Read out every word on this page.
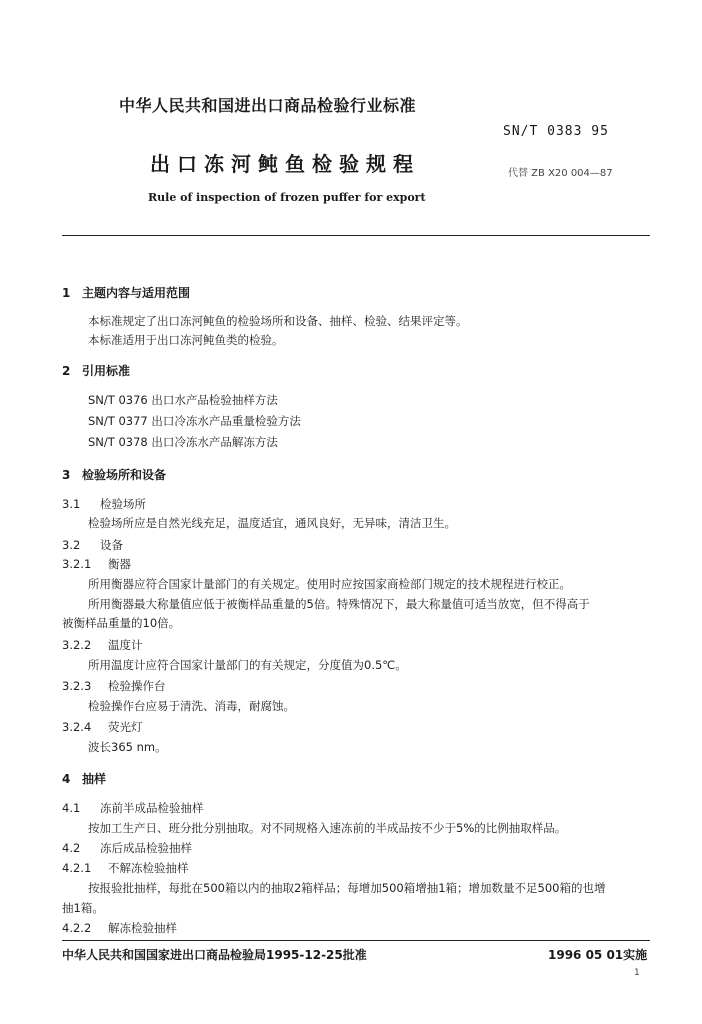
中华人民共和国进出口商品检验行业标准
SN/T 0383 95
出口冻河鲀鱼检验规程	代替 ZB X20 004—87
Rule of inspection of frozen puffer for export
1 主题内容与适用范围
本标准规定了出口冻河鲀鱼的检验场所和设备、抽样、检验、结果评定等。
本标准适用于出口冻河鲀鱼类的检验。
2 引用标准
SN/T 0376 出口水产品检验抽样方法
SN/T 0377 出口冷冻水产品重量检验方法
SN/T 0378 出口冷冻水产品解冻方法
3 检验场所和设备
3.1 检验场所
检验场所应是自然光线充足，温度适宜，通风良好，无异味，清洁卫生。
3.2 设备
3.2.1 衡器
所用衡器应符合国家计量部门的有关规定。使用时应按国家商检部门规定的技术规程进行校正。
所用衡器最大称量值应低于被衡样品重量的5倍。特殊情况下，最大称量值可适当放宽，但不得高于
被衡样品重量的10倍。
3.2.2 温度计
所用温度计应符合国家计量部门的有关规定，分度值为0.5℃。
3.2.3 检验操作台
检验操作台应易于清洗、消毒，耐腐蚀。
3.2.4 荧光灯
波长365 nm。
4 抽样
4.1 冻前半成品检验抽样
按加工生产日、班分批分别抽取。对不同规格入速冻前的半成品按不少于5%的比例抽取样品。
4.2 冻后成品检验抽样
4.2.1 不解冻检验抽样
按报验批抽样，每批在500箱以内的抽取2箱样品；每增加500箱增抽1箱；增加数量不足500箱的也增
抽1箱。
4.2.2 解冻检验抽样
中华人民共和国国家进出口商品检验局1995-12-25批准	1996 05 01实施
1
